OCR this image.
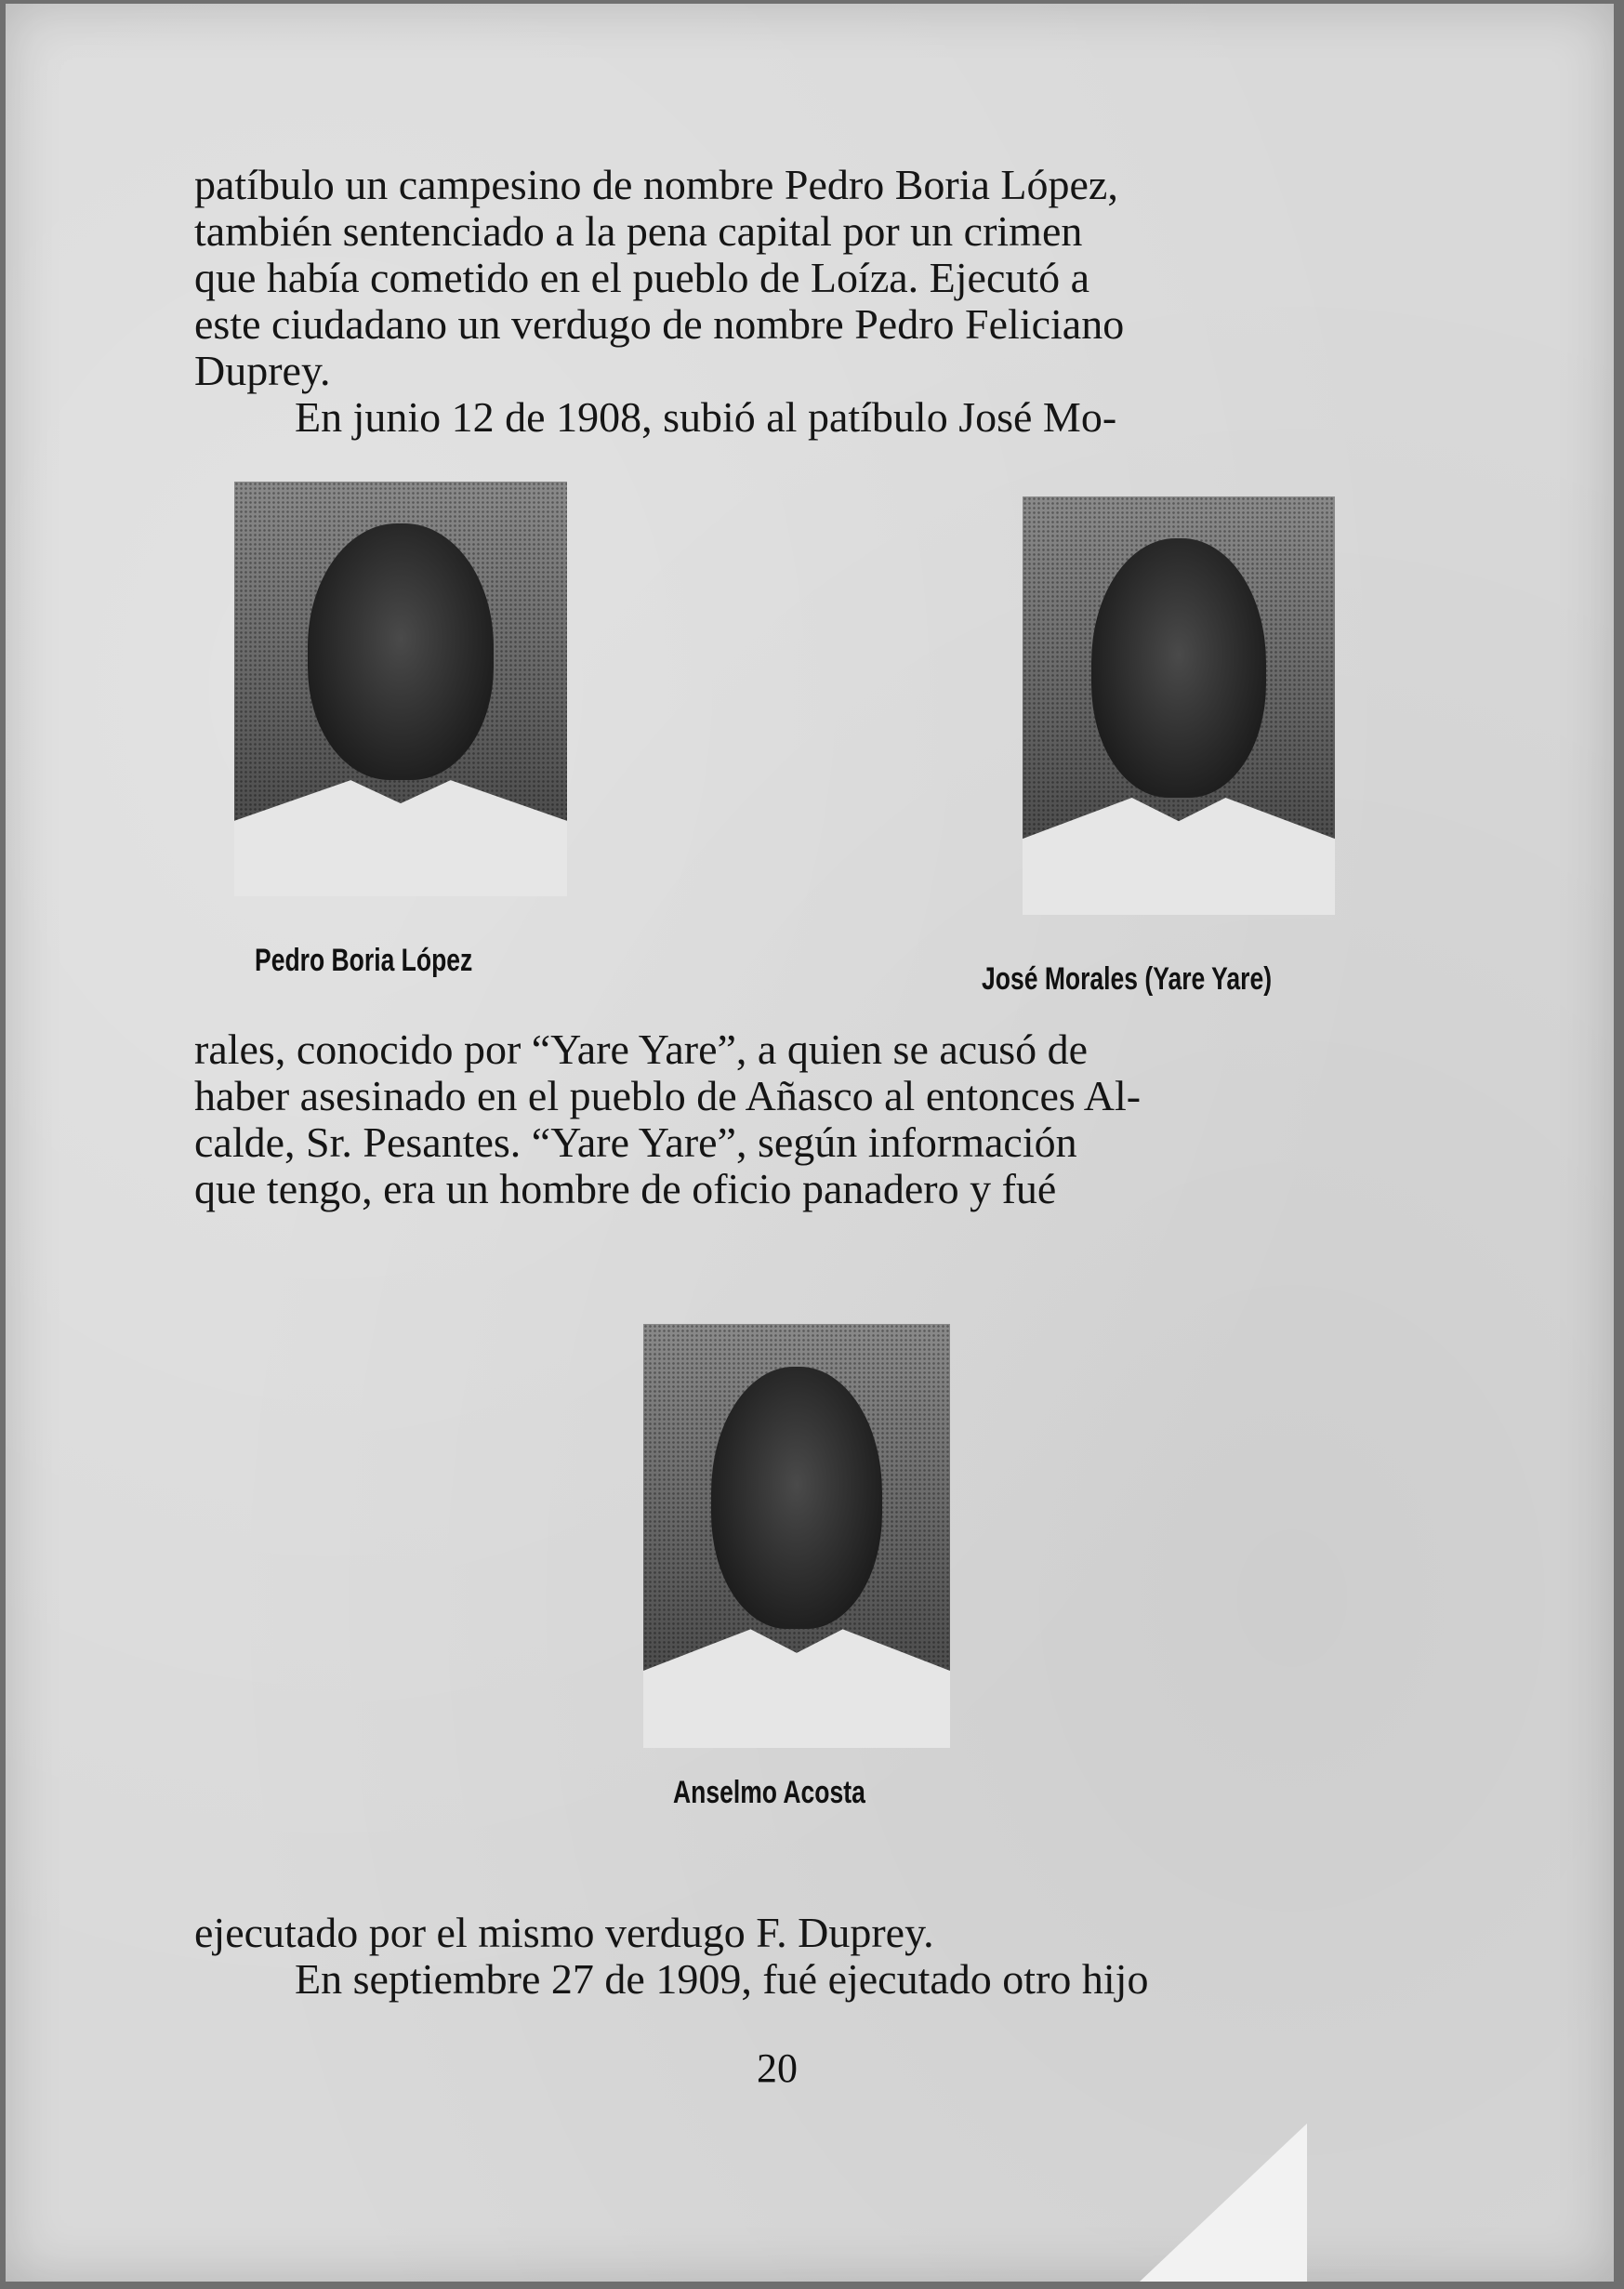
patíbulo un campesino de nombre Pedro Boria López,
también sentenciado a la pena capital por un crimen
que había cometido en el pueblo de Loíza. Ejecutó a
este ciudadano un verdugo de nombre Pedro Feliciano
Duprey.
En junio 12 de 1908, subió al patíbulo José Mo-
Pedro Boria López
José Morales (Yare Yare)
rales, conocido por “Yare Yare”, a quien se acusó de
haber asesinado en el pueblo de Añasco al entonces Al-
calde, Sr. Pesantes. “Yare Yare”, según información
que tengo, era un hombre de oficio panadero y fué
Anselmo Acosta
ejecutado por el mismo verdugo F. Duprey.
En septiembre 27 de 1909, fué ejecutado otro hijo
20
